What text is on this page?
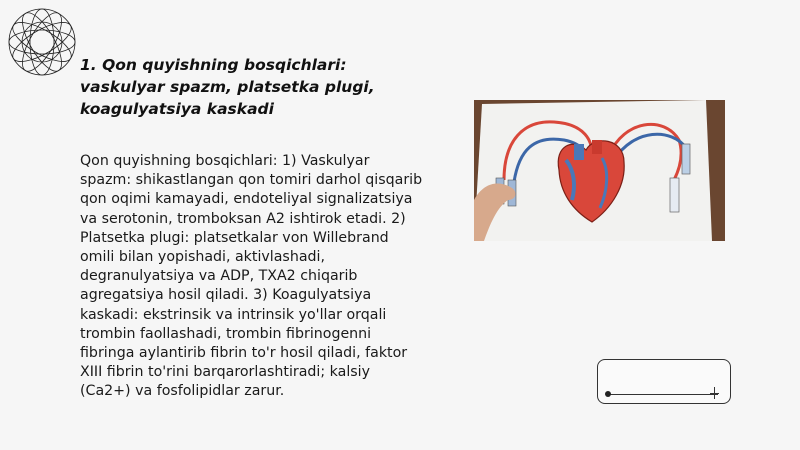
1. Qon quyishning bosqichlari: vaskulyar spazm, platsetka plugi, koagulyatsiya kaskadi
Qon quyishning bosqichlari: 1) Vaskulyar spazm: shikastlangan qon tomiri darhol qisqarib qon oqimi kamayadi, endoteliyal signalizatsiya va serotonin, tromboksan A2 ishtirok etadi. 2) Platsetka plugi: platsetkalar von Willebrand omili bilan yopishadi, aktivlashadi, degranulyatsiya va ADP, TXA2 chiqarib agregatsiya hosil qiladi. 3) Koagulyatsiya kaskadi: ekstrinsik va intrinsik yo'llar orqali trombin faollashadi, trombin fibrinogenni fibringa aylantirib fibrin to'r hosil qiladi, faktor XIII fibrin to'rini barqarorlashtiradi; kalsiy (Ca2+) va fosfolipidlar zarur.
